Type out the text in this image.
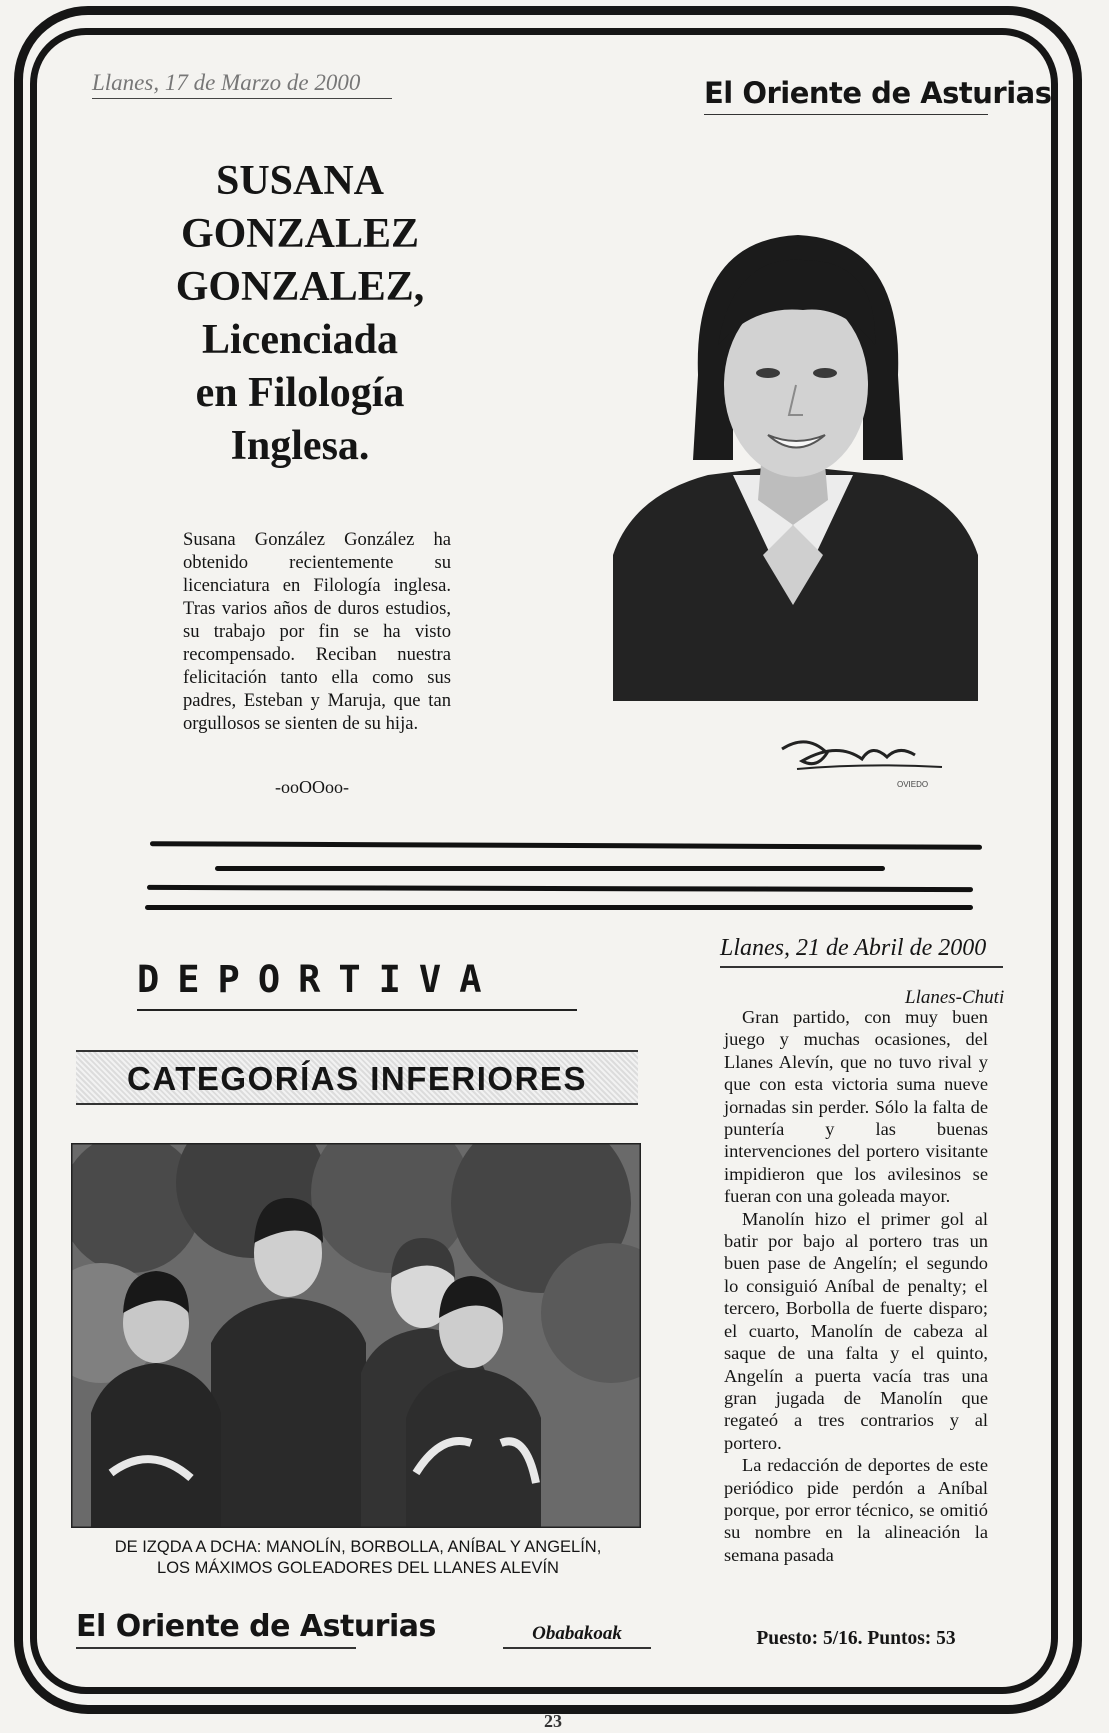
Llanes, 17 de Marzo de 2000	El Oriente de Asturias
SUSANA
GONZALEZ
GONZALEZ,
Licenciada
en Filología
Inglesa.

Susana González González ha obtenido recientemente su licenciatura en Filología inglesa. Tras varios años de duros estudios, su trabajo por fin se ha visto recompensado. Reciban nuestra felicitación tanto ella como sus padres, Esteban y Maruja, que tan orgullosos se sienten de su hija.

-ooOOoo-	OVIEDO
DEPORTIVA
CATEGORÍAS INFERIORES
DE IZQDA A DCHA: MANOLÍN, BORBOLLA, ANÍBAL Y ANGELÍN,
LOS MÁXIMOS GOLEADORES DEL LLANES ALEVÍN
El Oriente de Asturias	Obabakoak
Llanes, 21 de Abril de 2000
Llanes-Chuti

Gran partido, con muy buen juego y muchas ocasiones, del Llanes Alevín, que no tuvo rival y que con esta victoria suma nueve jornadas sin perder. Sólo la falta de puntería y las buenas intervenciones del portero visitante impidieron que los avilesinos se fueran con una goleada mayor.

Manolín hizo el primer gol al batir por bajo al portero tras un buen pase de Angelín; el segundo lo consiguió Aníbal de penalty; el tercero, Borbolla de fuerte disparo; el cuarto, Manolín de cabeza al saque de una falta y el quinto, Angelín a puerta vacía tras una gran jugada de Manolín que regateó a tres contrarios y al portero.

La redacción de deportes de este periódico pide perdón a Aníbal porque, por error técnico, se omitió su nombre en la alineación la semana pasada

Puesto: 5/16. Puntos: 53
23
